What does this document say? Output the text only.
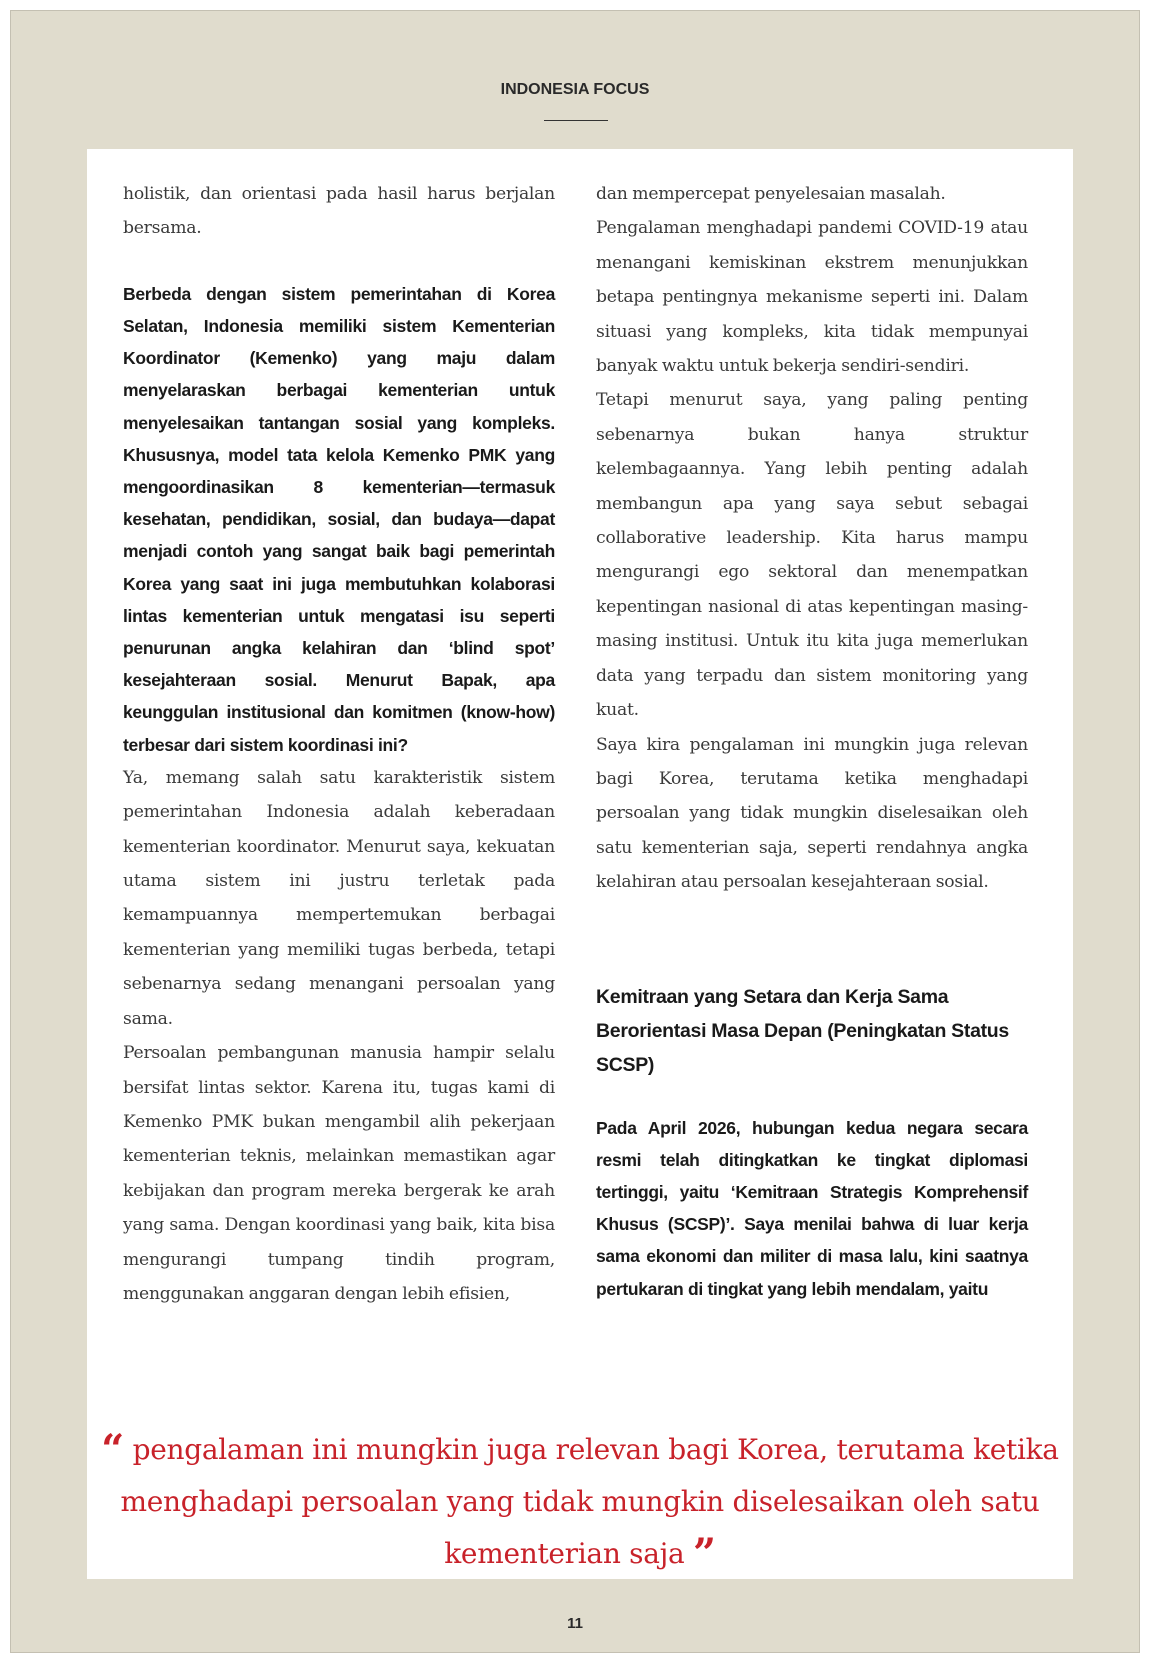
INDONESIA FOCUS

holistik, dan orientasi pada hasil harus berjalan bersama.

Berbeda dengan sistem pemerintahan di Korea Selatan, Indonesia memiliki sistem Kementerian Koordinator (Kemenko) yang maju dalam menyelaraskan berbagai kementerian untuk menyelesaikan tantangan sosial yang kompleks. Khususnya, model tata kelola Kemenko PMK yang mengoordinasikan 8 kementerian—termasuk kesehatan, pendidikan, sosial, dan budaya—dapat menjadi contoh yang sangat baik bagi pemerintah Korea yang saat ini juga membutuhkan kolaborasi lintas kementerian untuk mengatasi isu seperti penurunan angka kelahiran dan ‘blind spot’ kesejahteraan sosial. Menurut Bapak, apa keunggulan institusional dan komitmen (know-how) terbesar dari sistem koordinasi ini?

Ya, memang salah satu karakteristik sistem pemerintahan Indonesia adalah keberadaan kementerian koordinator. Menurut saya, kekuatan utama sistem ini justru terletak pada kemampuannya mempertemukan berbagai kementerian yang memiliki tugas berbeda, tetapi sebenarnya sedang menangani persoalan yang sama.

Persoalan pembangunan manusia hampir selalu bersifat lintas sektor. Karena itu, tugas kami di Kemenko PMK bukan mengambil alih pekerjaan kementerian teknis, melainkan memastikan agar kebijakan dan program mereka bergerak ke arah yang sama. Dengan koordinasi yang baik, kita bisa mengurangi tumpang tindih program, menggunakan anggaran dengan lebih efisien,

dan mempercepat penyelesaian masalah.

Pengalaman menghadapi pandemi COVID-19 atau menangani kemiskinan ekstrem menunjukkan betapa pentingnya mekanisme seperti ini. Dalam situasi yang kompleks, kita tidak mempunyai banyak waktu untuk bekerja sendiri-sendiri.

Tetapi menurut saya, yang paling penting sebenarnya bukan hanya struktur kelembagaannya. Yang lebih penting adalah membangun apa yang saya sebut sebagai collaborative leadership. Kita harus mampu mengurangi ego sektoral dan menempatkan kepentingan nasional di atas kepentingan masing-masing institusi. Untuk itu kita juga memerlukan data yang terpadu dan sistem monitoring yang kuat.

Saya kira pengalaman ini mungkin juga relevan bagi Korea, terutama ketika menghadapi persoalan yang tidak mungkin diselesaikan oleh satu kementerian saja, seperti rendahnya angka kelahiran atau persoalan kesejahteraan sosial.

Kemitraan yang Setara dan Kerja Sama Berorientasi Masa Depan (Peningkatan Status SCSP)

Pada April 2026, hubungan kedua negara secara resmi telah ditingkatkan ke tingkat diplomasi tertinggi, yaitu ‘Kemitraan Strategis Komprehensif Khusus (SCSP)’. Saya menilai bahwa di luar kerja sama ekonomi dan militer di masa lalu, kini saatnya pertukaran di tingkat yang lebih mendalam, yaitu

“ pengalaman ini mungkin juga relevan bagi Korea, terutama ketika menghadapi persoalan yang tidak mungkin diselesaikan oleh satu kementerian saja ”
11
